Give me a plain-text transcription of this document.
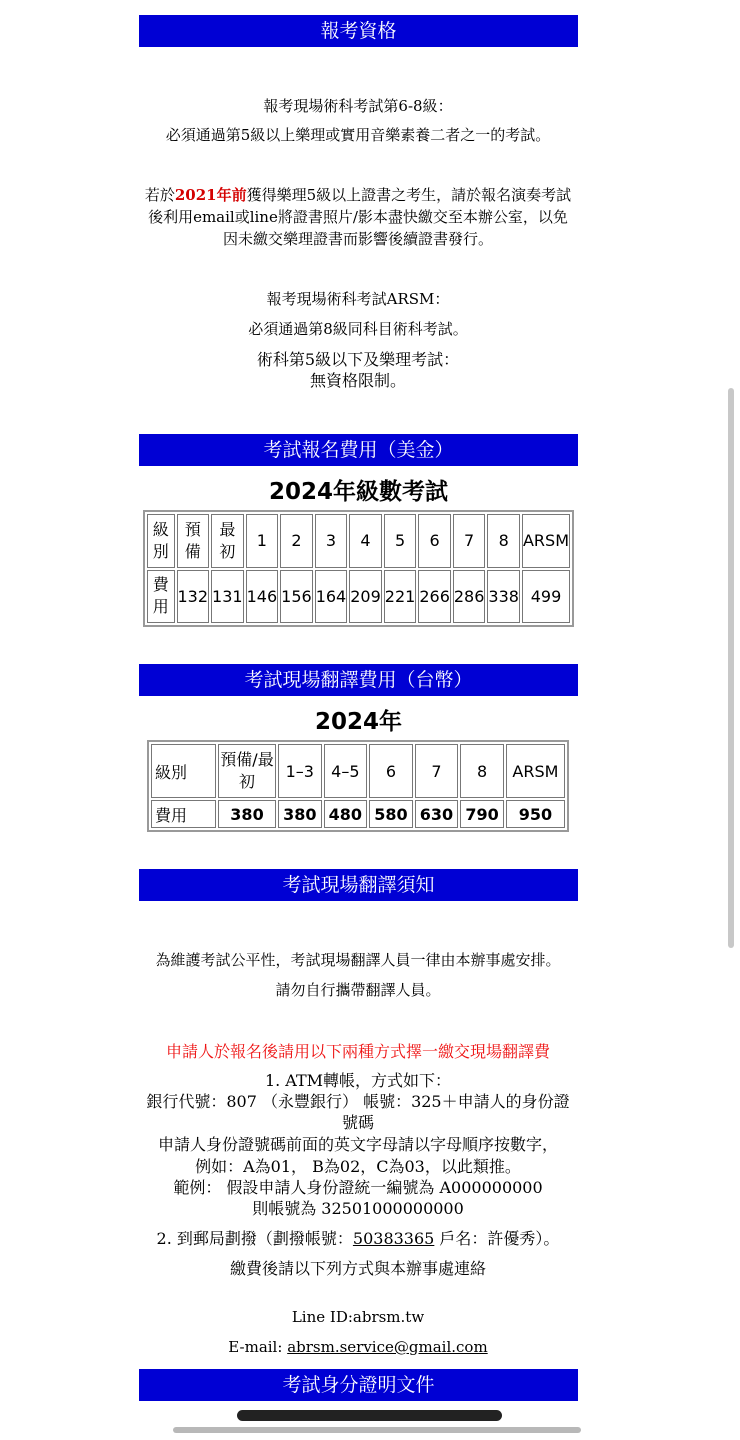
報考資格
報考現場術科考試第6-8級：
必須通過第5級以上樂理或實用音樂素養二者之一的考試。
若於2021年前獲得樂理5級以上證書之考生，請於報名演奏考試
後利用email或line將證書照片/影本盡快繳交至本辦公室，以免
因未繳交樂理證書而影響後續證書發行。
報考現場術科考試ARSM：
必須通過第8級同科目術科考試。
術科第5級以下及樂理考試：
無資格限制。
考試報名費用（美金）
2024年級數考試
級別	預備	最初	1	2	3	4	5	6	7	8	ARSM
費用	132	131	146	156	164	209	221	266	286	338	499
考試現場翻譯費用（台幣）
2024年
級別	預備/最初	1–3	4–5	6	7	8	ARSM
費用	380	380	480	580	630	790	950
考試現場翻譯須知
為維護考試公平性，考試現場翻譯人員一律由本辦事處安排。
請勿自行攜帶翻譯人員。
申請人於報名後請用以下兩種方式擇一繳交現場翻譯費
1. ATM轉帳，方式如下：
銀行代號：807 （永豐銀行） 帳號：325＋申請人的身份證
號碼
申請人身份證號碼前面的英文字母請以字母順序按數字，
例如：A為01， B為02，C為03，以此類推。
範例： 假設申請人身份證統一編號為 A000000000
則帳號為 32501000000000
2. 到郵局劃撥（劃撥帳號：50383365 戶名：許優秀）。
繳費後請以下列方式與本辦事處連絡
Line ID:abrsm.tw
E-mail: abrsm.service@gmail.com
考試身分證明文件
